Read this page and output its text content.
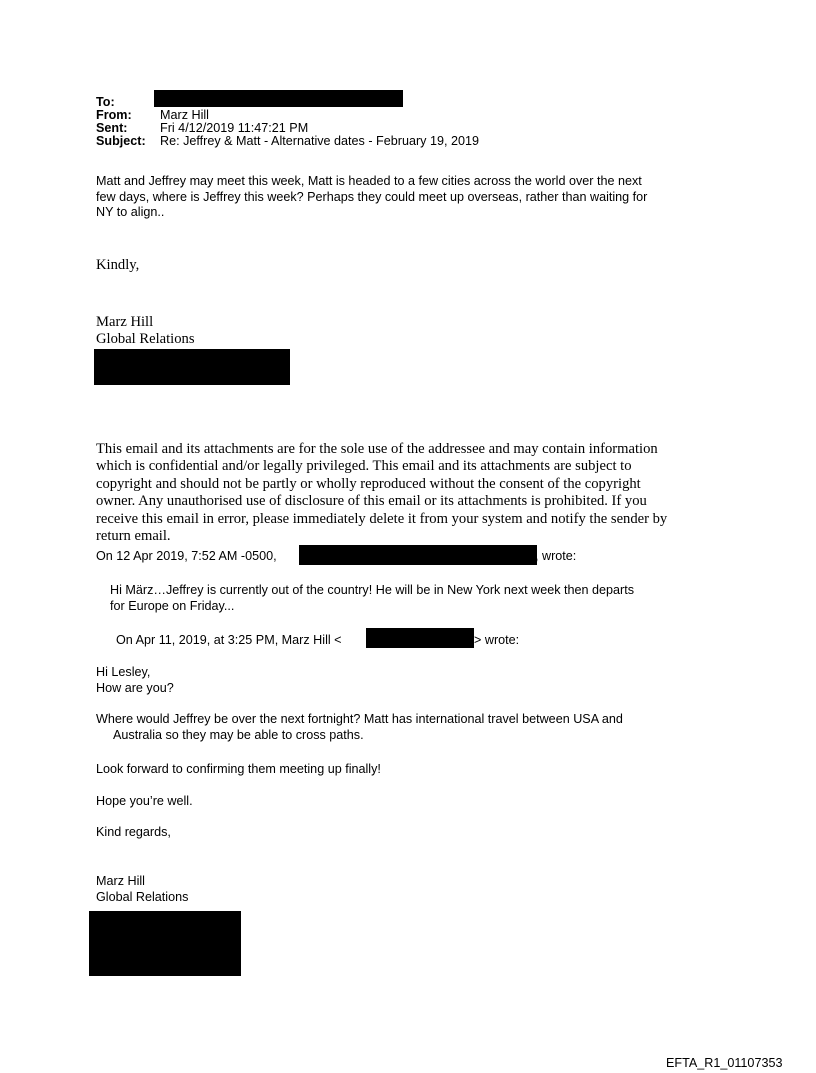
To:
From: Marz Hill
Sent:	Fri 4/12/2019 11:47:21 PM
Subject: Re: Jeffrey & Matt - Alternative dates - February 19, 2019
Matt and Jeffrey may meet this week, Matt is headed to a few cities across the world over the next
few days, where is Jeffrey this week? Perhaps they could meet up overseas, rather than waiting for
NY to align..
Kindly,
Marz Hill
Global Relations
This email and its attachments are for the sole use of the addressee and may contain information
which is confidential and/or legally privileged. This email and its attachments are subject to
copyright and should not be partly or wholly reproduced without the consent of the copyright
owner. Any unauthorised use of disclosure of this email or its attachments is prohibited. If you
receive this email in error, please immediately delete it from your system and notify the sender by
return email.
On 12 Apr 2019, 7:52 AM -0500,	, wrote:
Hi März…Jeffrey is currently out of the country! He will be in New York next week then departs
for Europe on Friday...
On Apr 11, 2019, at 3:25 PM, Marz Hill <	> wrote:
Hi Lesley,
How are you?
Where would Jeffrey be over the next fortnight? Matt has international travel between USA and
Australia so they may be able to cross paths.
Look forward to confirming them meeting up finally!
Hope you’re well.
Kind regards,
Marz Hill
Global Relations
EFTA_R1_01107353
